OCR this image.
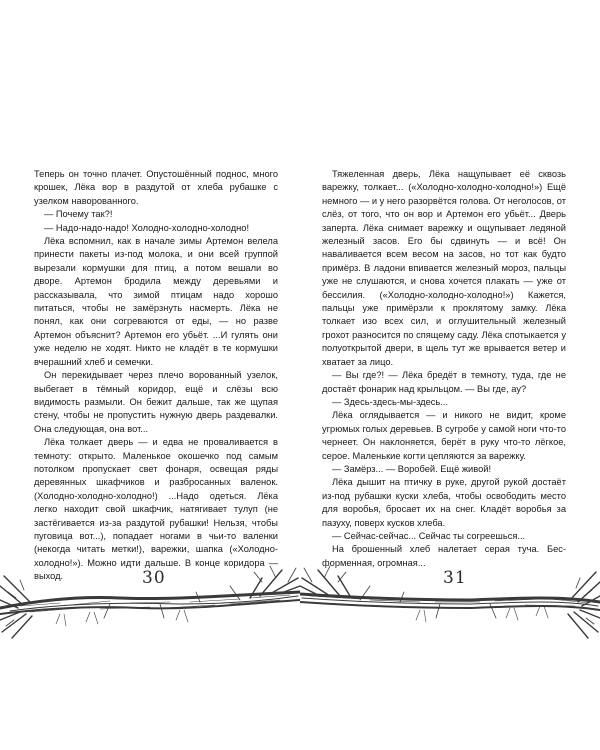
Теперь он точно плачет. Опустошённый поднос, много крошек, Лёка вор в раздутой от хлеба рубашке с узелком наворованного.

— Почему так?!

— Надо-надо-надо! Холодно-холодно-холодно!

Лёка вспомнил, как в начале зимы Артемон велела принести пакеты из-под молока, и они всей группой вырезали кормушки для птиц, а потом вешали во дворе. Артемон бродила между деревьями и рассказывала, что зимой птицам надо хорошо питаться, чтобы не замёрзнуть насмерть. Лёка не понял, как они согреваются от еды, — но разве Артемон объяснит? Артемон его убьёт. ...И гулять они уже неделю не ходят. Никто не кладёт в те кормушки вчерашний хлеб и семечки.

Он перекидывает через плечо ворованный узелок, выбегает в тёмный коридор, ещё и слёзы всю видимость размыли. Он бежит дальше, так же щупая стену, чтобы не пропустить нужную дверь раздевалки. Она следующая, она вот...

Лёка толкает дверь — и едва не проваливается в темноту: открыто. Маленькое окошечко под самым потолком пропускает свет фонаря, освещая ряды деревянных шкафчиков и разбросанных валенок. (Холодно-холодно-холодно!) ...Надо одеться. Лёка легко находит свой шкафчик, натягивает тулуп (не застёгивается из-за раздутой рубашки! Нельзя, чтобы пуговица вот...), попадает ногами в чьи-то валенки (некогда читать метки!), варежки, шапка («Холодно-холодно!»). Можно идти дальше. В конце коридора — выход.

Тяжеленная дверь, Лёка нащупывает её сквозь варежку, толкает... («Холодно-холодно-холодно!») Ещё немного — и у него разорвётся голова. От неголосов, от слёз, от того, что он вор и Артемон его убьёт... Дверь заперта. Лёка снимает варежку и ощупывает ледяной железный засов. Его бы сдвинуть — и всё! Он наваливается всем весом на засов, но тот как будто примёрз. В ладони впивается железный мороз, пальцы уже не слушаются, и снова хочется плакать — уже от бессилия. («Холодно-холодно-холодно!») Кажется, пальцы уже примёрзли к проклятому замку. Лёка толкает изо всех сил, и оглушительный железный грохот разносится по спящему саду. Лёка спотыкается у полуоткрытой двери, в щель тут же врывается ветер и хватает за лицо.

— Вы где?! — Лёка бредёт в темноту, туда, где не достаёт фонарик над крыльцом. — Вы где, ау?

— Здесь-здесь-мы-здесь...

Лёка оглядывается — и никого не видит, кроме угрюмых голых деревьев. В сугробе у самой ноги что-то чернеет. Он наклоняется, берёт в руку что-то лёгкое, серое. Маленькие когти цепляются за варежку.

— Замёрз... — Воробей. Ещё живой!

Лёка дышит на птичку в руке, другой рукой достаёт из-под рубашки куски хлеба, чтобы освободить место для воробья, бросает их на снег. Кладёт воробья за пазуху, поверх кусков хлеба.

— Сейчас-сейчас... Сейчас ты согреешься...

На брошенный хлеб налетает серая туча. Бесформенная, огромная...

30	31
